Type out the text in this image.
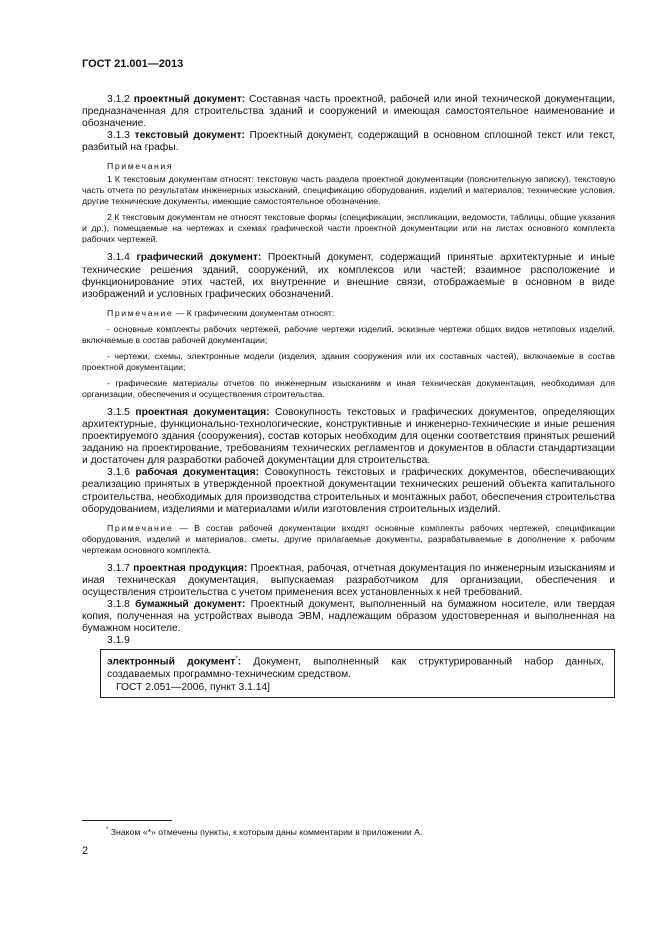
ГОСТ 21.001—2013

3.1.2 проектный документ: Составная часть проектной, рабочей или иной технической документации, предназначенная для строительства зданий и сооружений и имеющая самостоятельное наименование и обозначение.

3.1.3 текстовый документ: Проектный документ, содержащий в основном сплошной текст или текст, разбитый на графы.

Примечания

1 К текстовым документам относят: текстовую часть раздела проектной документации (пояснительную записку), текстовую часть отчета по результатам инженерных изысканий, спецификацию оборудования, изделий и материалов; технические условия, другие технические документы, имеющие самостоятельное обозначение.

2 К текстовым документам не относят текстовые формы (спецификации, экспликации, ведомости, таблицы, общие указания и др.), помещаемые на чертежах и схемах графической части проектной документации или на листах основного комплекта рабочих чертежей.

3.1.4 графический документ: Проектный документ, содержащий принятые архитектурные и иные технические решения зданий, сооружений, их комплексов или частей; взаимное расположение и функционирование этих частей, их внутренние и внешние связи, отображаемые в основном в виде изображений и условных графических обозначений.

Примечание — К графическим документам относят:

- основные комплекты рабочих чертежей, рабочие чертежи изделий, эскизные чертежи общих видов нетиповых изделий, включаемые в состав рабочей документации;

- чертежи, схемы, электронные модели (изделия, здания сооружения или их составных частей), включаемые в состав проектной документации;

- графические материалы отчетов по инженерным изысканиям и иная техническая документация, необходимая для организации, обеспечения и осуществления строительства.

3.1.5 проектная документация: Совокупность текстовых и графических документов, определяющих архитектурные, функционально-технологические, конструктивные и инженерно-технические и иные решения проектируемого здания (сооружения), состав которых необходим для оценки соответствия принятых решений заданию на проектирование, требованиям технических регламентов и документов в области стандартизации и достаточен для разработки рабочей документации для строительства.

3.1.6 рабочая документация: Совокупность текстовых и графических документов, обеспечивающих реализацию принятых в утвержденной проектной документации технических решений объекта капитального строительства, необходимых для производства строительных и монтажных работ, обеспечения строительства оборудованием, изделиями и материалами и/или изготовления строительных изделий.

Примечание — В состав рабочей документации входят основные комплекты рабочих чертежей, спецификации оборудования, изделий и материалов, сметы, другие прилагаемые документы, разрабатываемые в дополнение к рабочим чертежам основного комплекта.

3.1.7 проектная продукция: Проектная, рабочая, отчетная документация по инженерным изысканиям и иная техническая документация, выпускаемая разработчиком для организации, обеспечения и осуществления строительства с учетом применения всех установленных к ней требований.

3.1.8 бумажный документ: Проектный документ, выполненный на бумажном носителе, или твердая копия, полученная на устройствах вывода ЭВМ, надлежащим образом удостоверенная и выполненная на бумажном носителе.

3.1.9

электронный документ*: Документ, выполненный как структурированный набор данных, создаваемых программно-техническим средством.

ГОСТ 2.051—2006, пункт 3.1.14]

* Знаком «*» отмечены пункты, к которым даны комментарии в приложении А.
2
